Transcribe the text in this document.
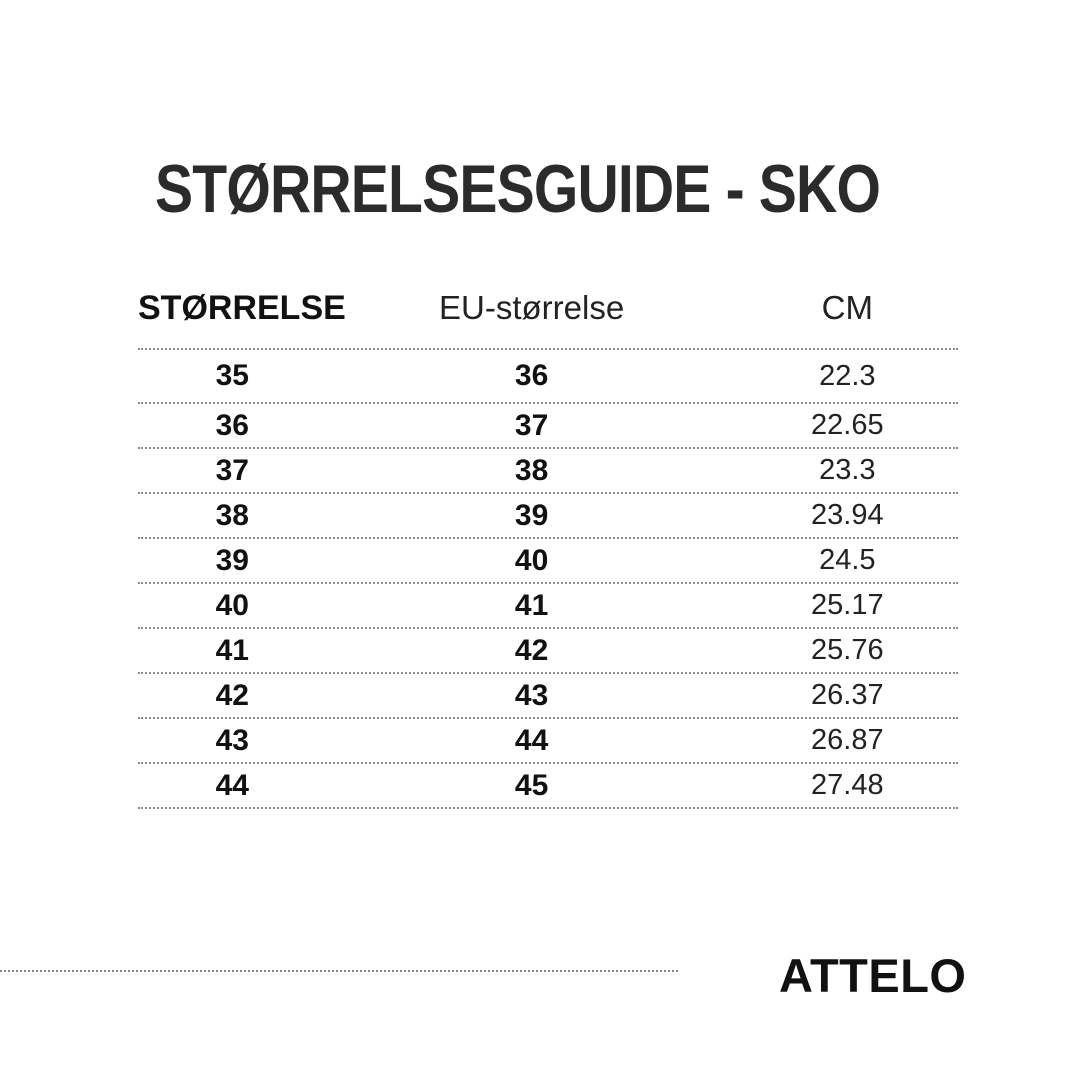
STØRRELSESGUIDE - SKO
STØRRELSE	EU-størrelse	CM
35	36	22.3
36	37	22.65
37	38	23.3
38	39	23.94
39	40	24.5
40	41	25.17
41	42	25.76
42	43	26.37
43	44	26.87
44	45	27.48
ATTELO
